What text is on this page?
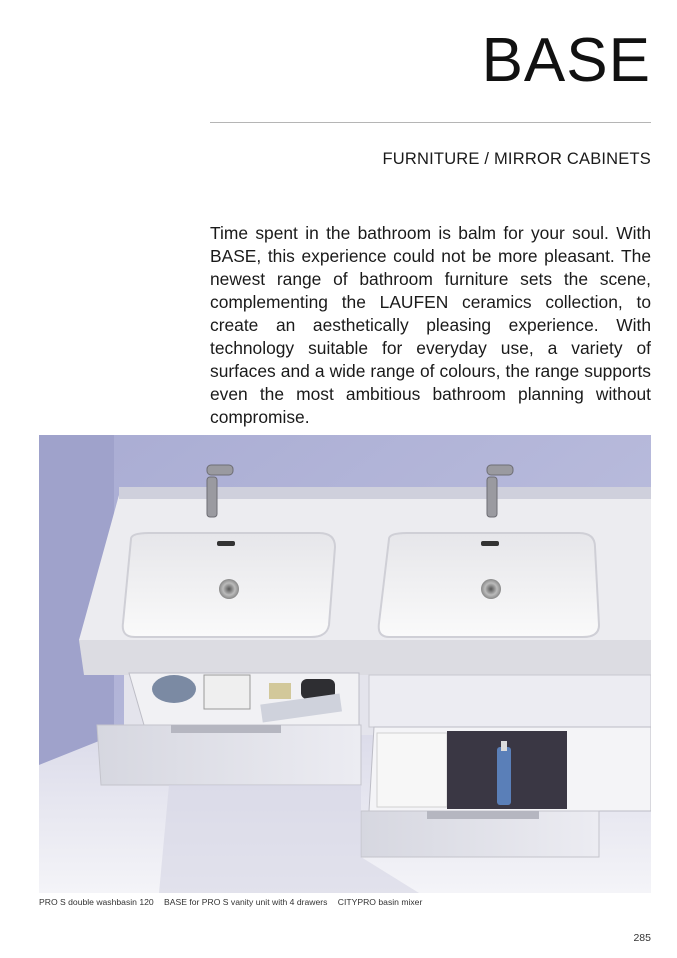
BASE
FURNITURE / MIRROR CABINETS

Time spent in the bathroom is balm for your soul. With BASE, this experience could not be more pleasant. The newest range of bathroom furniture sets the scene, complementing the LAUFEN ceramics collection, to create an aesthetically pleasing experience. With technology suitable for everyday use, a variety of surfaces and a wide range of colours, the range supports even the most ambitious bathroom planning without compromise.

PRO S double washbasin 120 BASE for PRO S vanity unit with 4 drawers CITYPRO basin mixer
285
